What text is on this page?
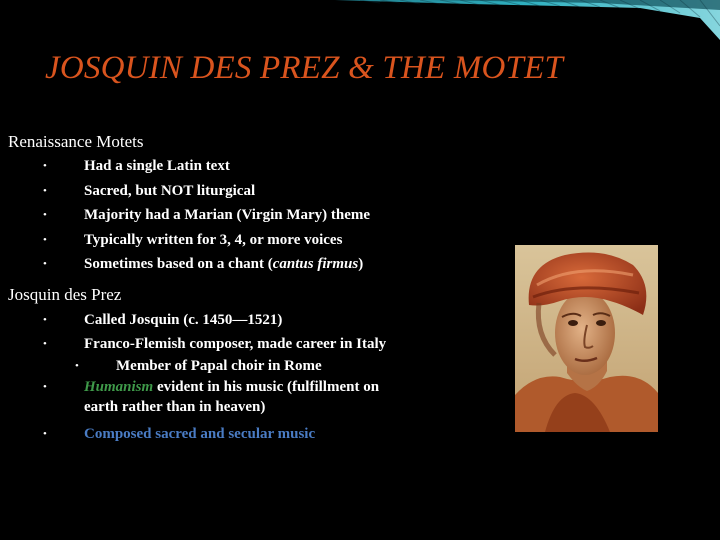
JOSQUIN DES PREZ & THE MOTET
Renaissance Motets
• Had a single Latin text

• Sacred, but NOT liturgical

• Majority had a Marian (Virgin Mary) theme

• Typically written for 3, 4, or more voices

• Sometimes based on a chant (cantus firmus)

Josquin des Prez
• Called Josquin (c. 1450—1521)

• Franco-Flemish composer, made career in Italy

• Member of Papal choir in Rome

• Humanism evident in his music (fulfillment on
earth rather than in heaven)
• Composed sacred and secular music
